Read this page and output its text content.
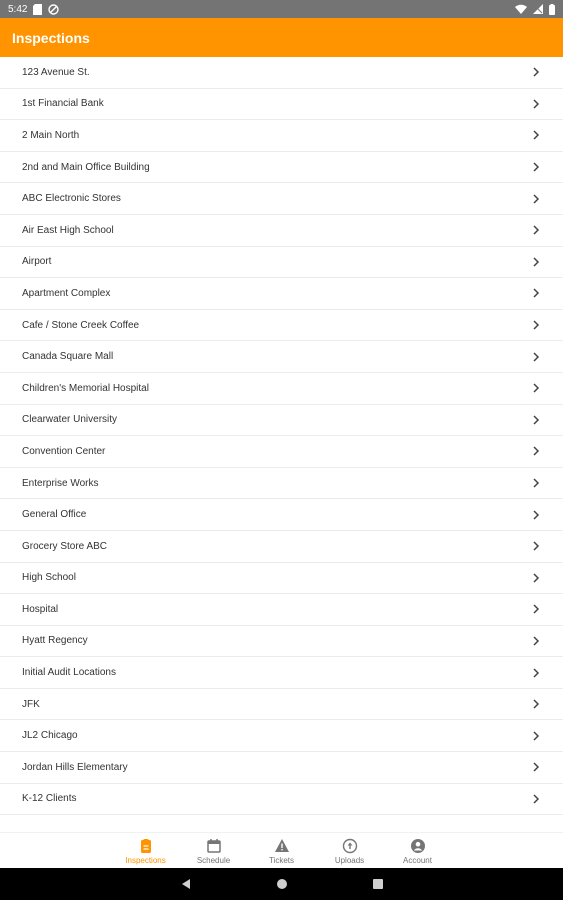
5:42
Inspections
123 Avenue St.
1st Financial Bank
2 Main North
2nd and Main Office Building
ABC Electronic Stores
Air East High School
Airport
Apartment Complex
Cafe / Stone Creek Coffee
Canada Square Mall
Children's Memorial Hospital
Clearwater University
Convention Center
Enterprise Works
General Office
Grocery Store ABC
High School
Hospital
Hyatt Regency
Initial Audit Locations
JFK
JL2 Chicago
Jordan Hills Elementary
K-12 Clients
Inspections	Schedule	Tickets	Uploads	Account
